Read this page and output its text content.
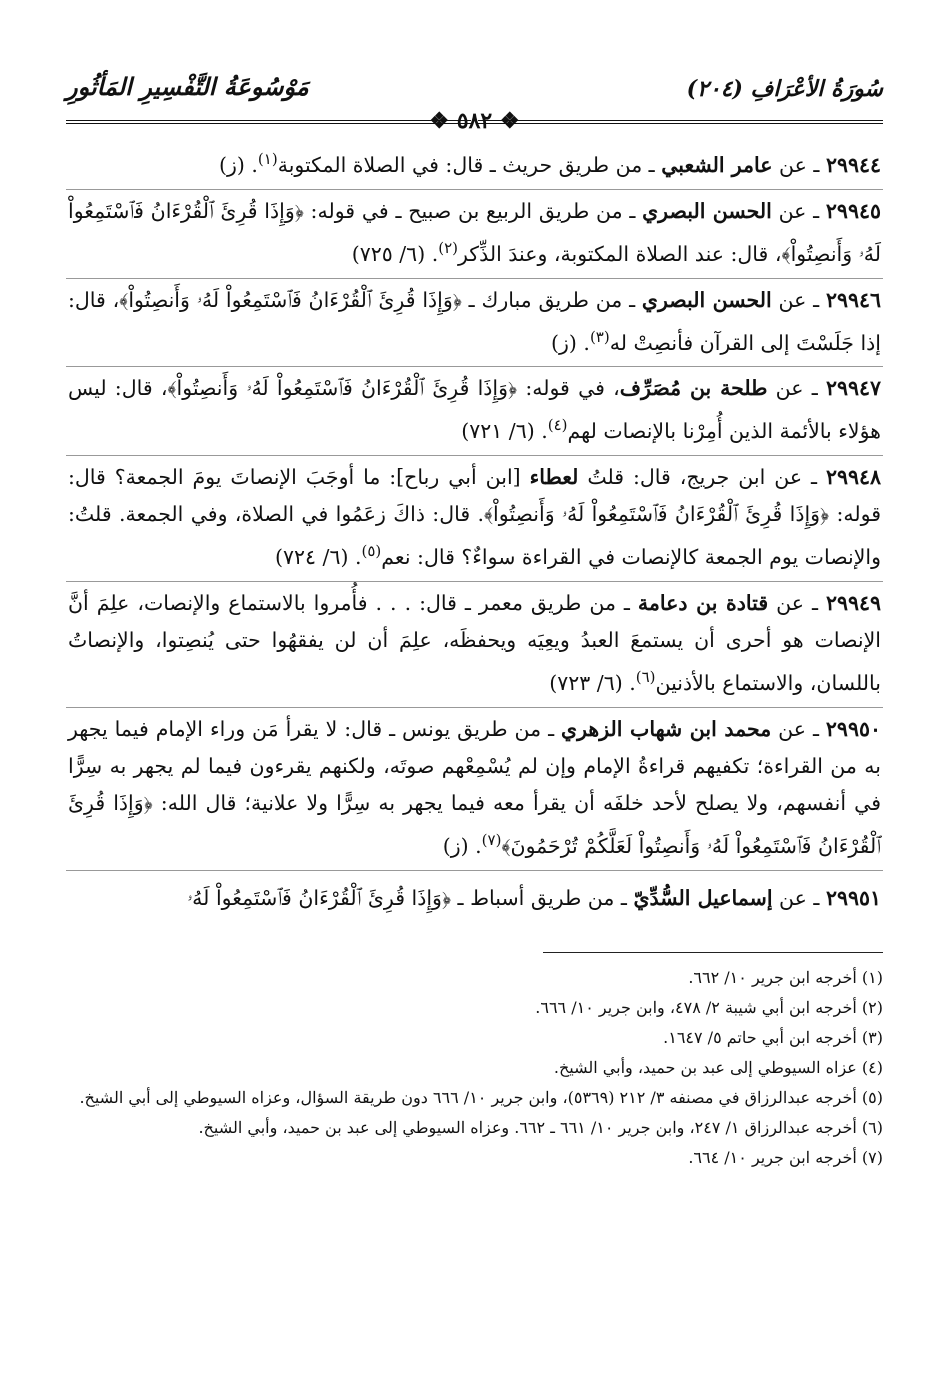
سُورَةُ الأعْرَافِ (٢٠٤)
مَوْسُوعَةُ التَّفْسِيرِ المَأثُورِ
❖ ٥٨٢ ❖
٢٩٩٤٤ ـ عن عامر الشعبي ـ من طريق حريث ـ قال: في الصلاة المكتوبة$^{(١)}$. (ز)
٢٩٩٤٥ ـ عن الحسن البصري ـ من طريق الربيع بن صبيح ـ في قوله: ﴿وَإِذَا قُرِئَ ٱلْقُرْءَانُ فَٱسْتَمِعُواْ لَهُۥ وَأَنصِتُواْ﴾، قال: عند الصلاة المكتوبة، وعندَ الذِّكر$^{(٢)}$. (٦/ ٧٢٥)
٢٩٩٤٦ ـ عن الحسن البصري ـ من طريق مبارك ـ ﴿وَإِذَا قُرِئَ ٱلْقُرْءَانُ فَٱسْتَمِعُواْ لَهُۥ وَأَنصِتُواْ﴾، قال: إذا جَلَسْتَ إلى القرآن فأنصِتْ له$^{(٣)}$. (ز)
٢٩٩٤٧ ـ عن طلحة بن مُصَرِّف، في قوله: ﴿وَإِذَا قُرِئَ ٱلْقُرْءَانُ فَٱسْتَمِعُواْ لَهُۥ وَأَنصِتُواْ﴾، قال: ليس هؤلاء بالأئمة الذين أُمِرْنا بالإنصات لهم$^{(٤)}$. (٦/ ٧٢١)
٢٩٩٤٨ ـ عن ابن جريج، قال: قلتُ لعطاء [ابن أبي رباح]: ما أوجَبَ الإنصاتَ يومَ الجمعة؟ قال: قوله: ﴿وَإِذَا قُرِئَ ٱلْقُرْءَانُ فَٱسْتَمِعُواْ لَهُۥ وَأَنصِتُواْ﴾. قال: ذاكَ زعَمُوا في الصلاة، وفي الجمعة. قلتُ: والإنصات يوم الجمعة كالإنصات في القراءة سواءٌ؟ قال: نعم$^{(٥)}$. (٦/ ٧٢٤)
٢٩٩٤٩ ـ عن قتادة بن دعامة ـ من طريق معمر ـ قال: . . . فأُمروا بالاستماع والإنصات، علِمَ أنَّ الإنصات هو أحرى أن يستمعَ العبدُ ويعِيَه ويحفظَه، علِمَ أن لن يفقهُوا حتى يُنصِتوا، والإنصاتُ باللسان، والاستماع بالأذنين$^{(٦)}$. (٦/ ٧٢٣)
٢٩٩٥٠ ـ عن محمد ابن شهاب الزهري ـ من طريق يونس ـ قال: لا يقرأ مَن وراء الإمام فيما يجهر به من القراءة؛ تكفيهم قراءةُ الإمام وإن لم يُسْمِعْهم صوتَه، ولكنهم يقرءون فيما لم يجهر به سِرًّا في أنفسهم، ولا يصلح لأحد خلفَه أن يقرأ معه فيما يجهر به سِرًّا ولا علانية؛ قال الله: ﴿وَإِذَا قُرِئَ ٱلْقُرْءَانُ فَٱسْتَمِعُواْ لَهُۥ وَأَنصِتُواْ لَعَلَّكُمْ تُرْحَمُونَ﴾$^{(٧)}$. (ز)
٢٩٩٥١ ـ عن إسماعيل السُّدِّيّ ـ من طريق أسباط ـ ﴿وَإِذَا قُرِئَ ٱلْقُرْءَانُ فَٱسْتَمِعُواْ لَهُۥ

(١) أخرجه ابن جرير ١٠/ ٦٦٢.

(٢) أخرجه ابن أبي شيبة ٢/ ٤٧٨، وابن جرير ١٠/ ٦٦٦.

(٣) أخرجه ابن أبي حاتم ٥/ ١٦٤٧.

(٤) عزاه السيوطي إلى عبد بن حميد، وأبي الشيخ.

(٥) أخرجه عبدالرزاق في مصنفه ٣/ ٢١٢ (٥٣٦٩)، وابن جرير ١٠/ ٦٦٦ دون طريقة السؤال، وعزاه السيوطي إلى أبي الشيخ.

(٦) أخرجه عبدالرزاق ١/ ٢٤٧، وابن جرير ١٠/ ٦٦١ ـ ٦٦٢. وعزاه السيوطي إلى عبد بن حميد، وأبي الشيخ.

(٧) أخرجه ابن جرير ١٠/ ٦٦٤.
